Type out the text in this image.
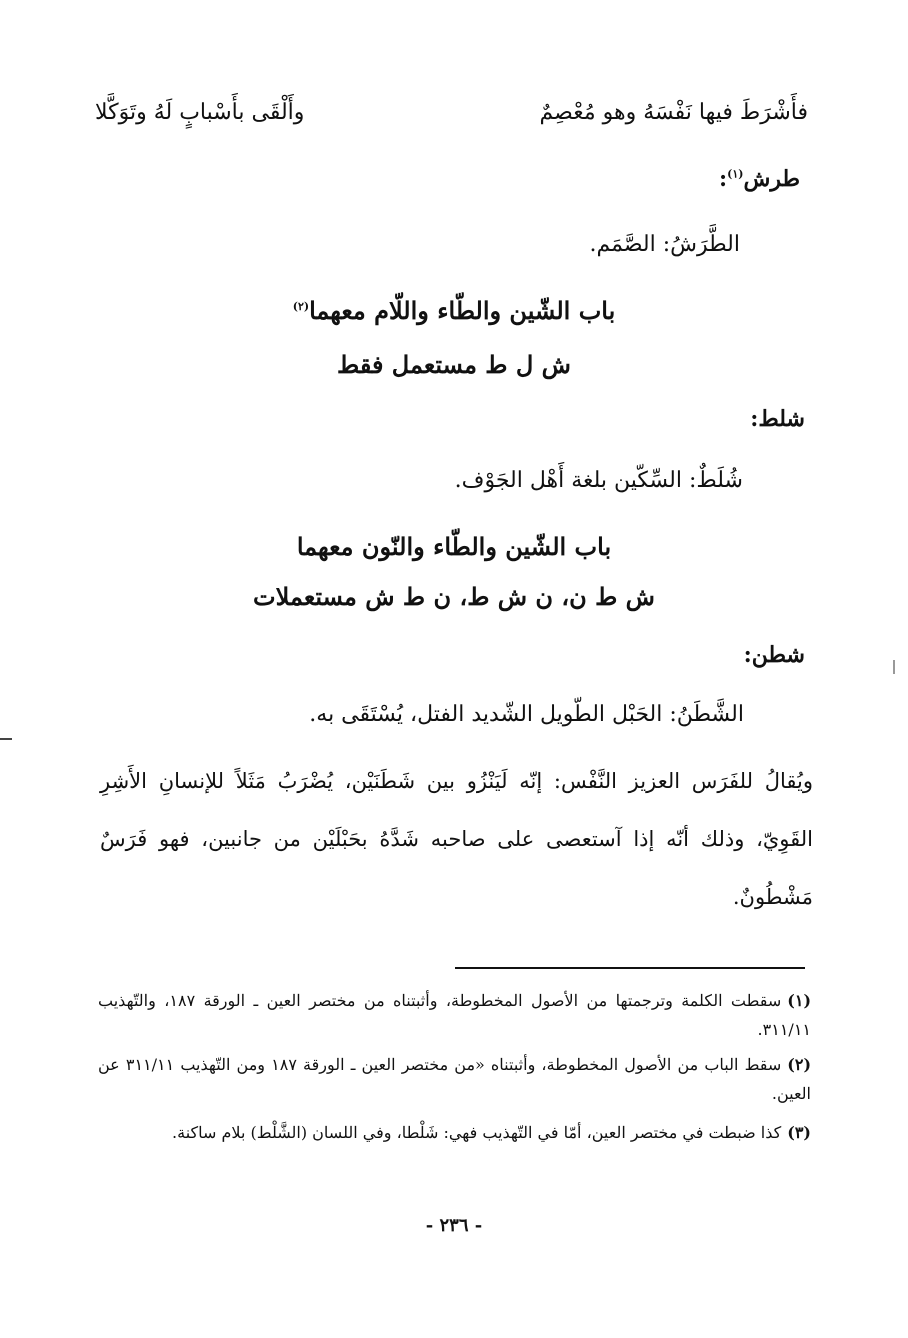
فأَشْرَطَ فيها نَفْسَهُ وهو مُعْصِمٌ
وأَلْقَى بأَسْبابٍ لَهُ وتَوَكَّلا
طرش$^{(١)}$:
الطَّرَشُ: الصَّمَم.
باب الشّين والطّاء واللّام معهما$^{(٢)}$
ش ل ط مستعمل فقط
شلط:
شُلَطٌ: السِّكّين بلغة أَهْل الجَوْف.
باب الشّين والطّاء والنّون معهما
ش ط ن، ن ش ط، ن ط ش مستعملات
شطن:
الشَّطَنُ: الحَبْل الطّويل الشّديد الفتل، يُسْتَقَى به.
ويُقالُ للفَرَس العزيز النَّفْس: إنّه لَيَنْزُو بين شَطَنَيْن، يُضْرَبُ مَثَلاً للإنسانِ الأَشِرِ القَوِيّ، وذلك أنّه إذا آستعصى على صاحبه شَدَّهُ بحَبْلَيْن من جانبين، فهو فَرَسٌ مَشْطُونٌ.
(١)سقطت الكلمة وترجمتها من الأصول المخطوطة، وأثبتناه من مختصر العين ـ الورقة ١٨٧، والتّهذيب ٣١١/١١.
(٢)سقط الباب من الأصول المخطوطة، وأثبتناه «من مختصر العين ـ الورقة ١٨٧ ومن التّهذيب ٣١١/١١ عن العين.
(٣)كذا ضبطت في مختصر العين، أمّا في التّهذيب فهي: شَلْطا، وفي اللسان (الشَّلْط) بلام ساكنة.
- ٢٣٦ -
